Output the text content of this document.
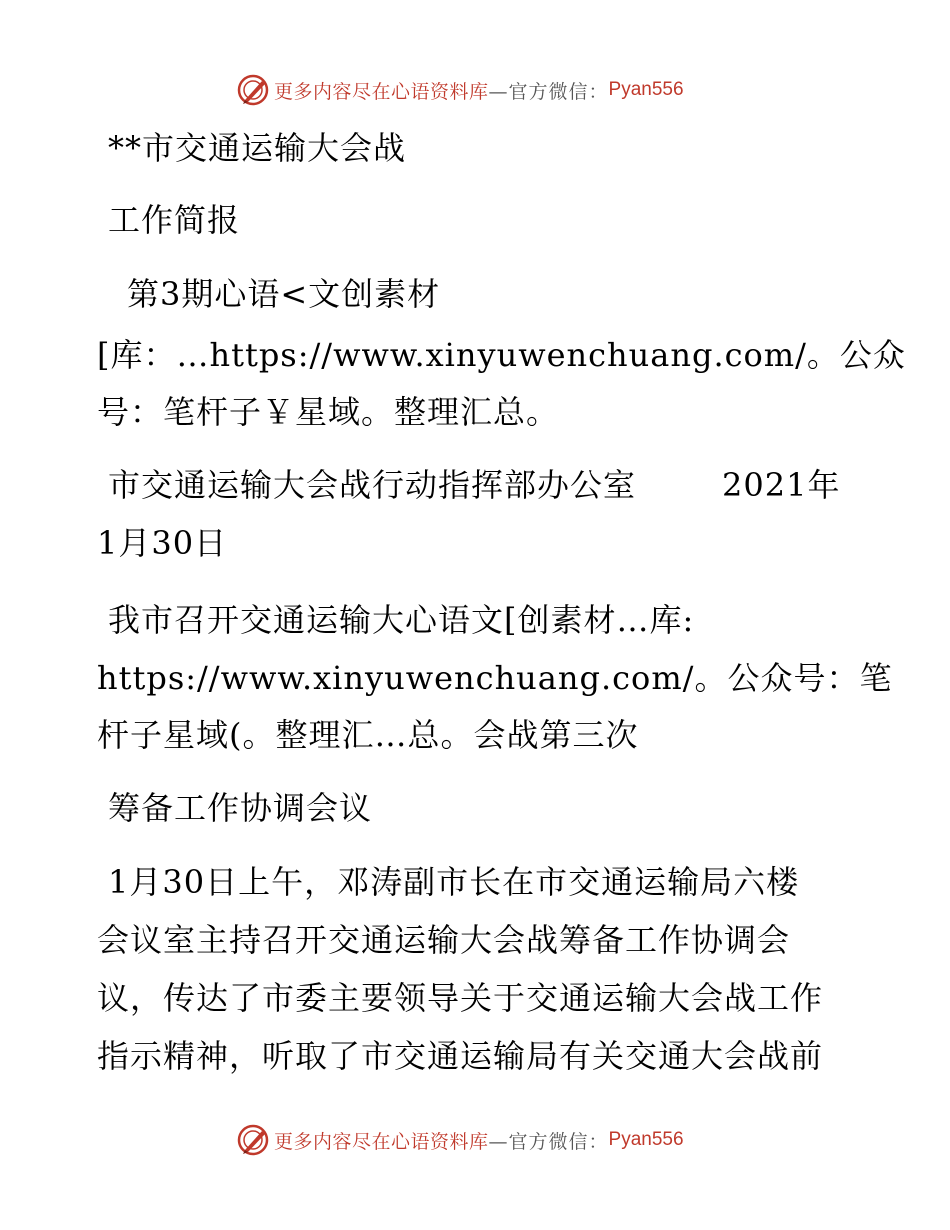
更多内容尽在心语资料库 —官方微信： Pyan556
**市交通运输大会战
工作简报
第3期心语<文创素材
[库：…https://www.xinyuwenchuang.com/。公众
号：笔杆子￥星域。整理汇总。
市交通运输大会战行动指挥部办公室	2021年
1月30日
我市召开交通运输大心语文[创素材…库:
https://www.xinyuwenchuang.com/。公众号：笔
杆子星域(。整理汇…总。会战第三次
筹备工作协调会议
1月30日上午，邓涛副市长在市交通运输局六楼
会议室主持召开交通运输大会战筹备工作协调会
议，传达了市委主要领导关于交通运输大会战工作
指示精神，听取了市交通运输局有关交通大会战前
更多内容尽在心语资料库 —官方微信： Pyan556
